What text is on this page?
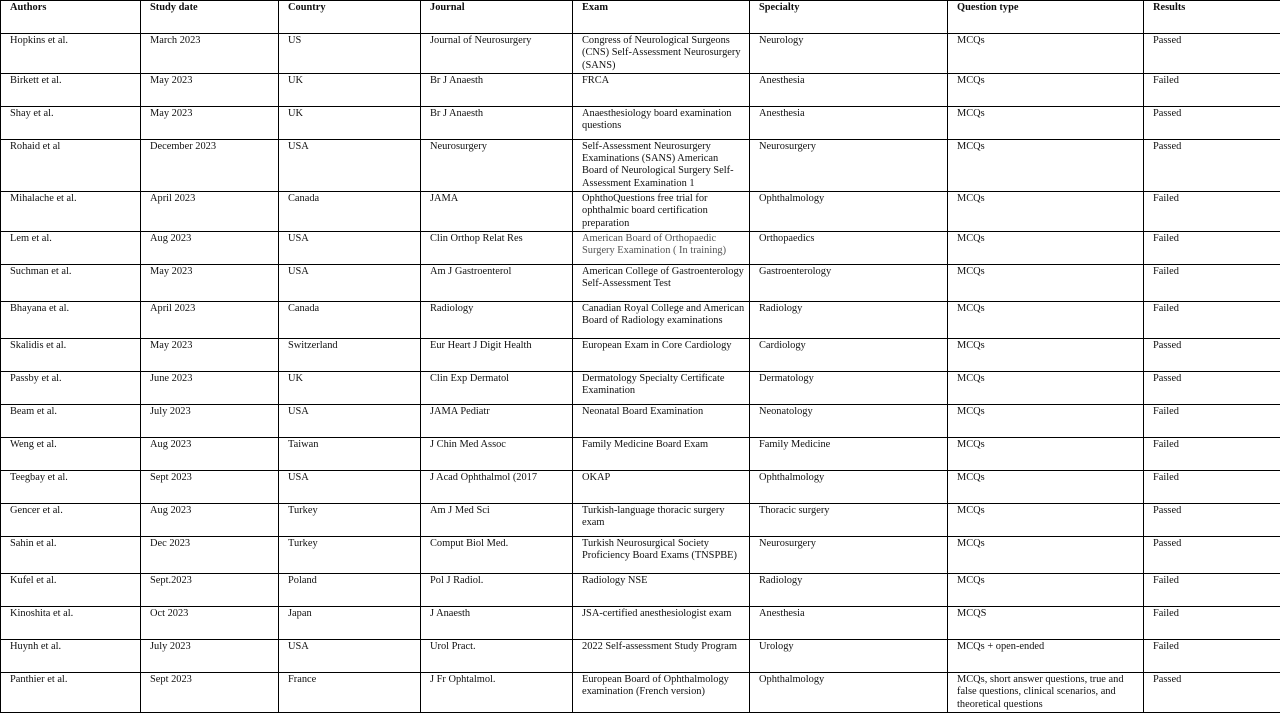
Authors	Study date	Country	Journal	Exam	Specialty	Question type	Results
Hopkins et al.	March 2023	US	Journal of Neurosurgery	Congress of Neurological Surgeons (CNS) Self-Assessment Neurosurgery (SANS)	Neurology	MCQs	Passed
Birkett et al.	May 2023	UK	Br J Anaesth	FRCA	Anesthesia	MCQs	Failed
Shay et al.	May 2023	UK	Br J Anaesth	Anaesthesiology board examination questions	Anesthesia	MCQs	Passed
Rohaid et al	December 2023	USA	Neurosurgery	Self-Assessment Neurosurgery Examinations (SANS) American Board of Neurological Surgery Self-Assessment Examination 1	Neurosurgery	MCQs	Passed
Mihalache et al.	April 2023	Canada	JAMA	OphthoQuestions free trial for ophthalmic board certification preparation	Ophthalmology	MCQs	Failed
Lem et al.	Aug 2023	USA	Clin Orthop Relat Res	American Board of Orthopaedic Surgery Examination ( In training)	Orthopaedics	MCQs	Failed
Suchman et al.	May 2023	USA	Am J Gastroenterol	American College of Gastroenterology Self-Assessment Test	Gastroenterology	MCQs	Failed
Bhayana et al.	April 2023	Canada	Radiology	Canadian Royal College and American Board of Radiology examinations	Radiology	MCQs	Failed
Skalidis et al.	May 2023	Switzerland	Eur Heart J Digit Health	European Exam in Core Cardiology	Cardiology	MCQs	Passed
Passby et al.	June 2023	UK	Clin Exp Dermatol	Dermatology Specialty Certificate Examination	Dermatology	MCQs	Passed
Beam et al.	July 2023	USA	JAMA Pediatr	Neonatal Board Examination	Neonatology	MCQs	Failed
Weng et al.	Aug 2023	Taiwan	J Chin Med Assoc	Family Medicine Board Exam	Family Medicine	MCQs	Failed
Teegbay et al.	Sept 2023	USA	J Acad Ophthalmol (2017	OKAP	Ophthalmology	MCQs	Failed
Gencer et al.	Aug 2023	Turkey	Am J Med Sci	Turkish-language thoracic surgery exam	Thoracic surgery	MCQs	Passed
Sahin et al.	Dec 2023	Turkey	Comput Biol Med.	Turkish Neurosurgical Society Proficiency Board Exams (TNSPBE)	Neurosurgery	MCQs	Passed
Kufel et al.	Sept.2023	Poland	Pol J Radiol.	Radiology NSE	Radiology	MCQs	Failed
Kinoshita et al.	Oct 2023	Japan	J Anaesth	JSA-certified anesthesiologist exam	Anesthesia	MCQS	Failed
Huynh et al.	July 2023	USA	Urol Pract.	2022 Self-assessment Study Program	Urology	MCQs + open-ended	Failed
Panthier et al.	Sept 2023	France	J Fr Ophtalmol.	European Board of Ophthalmology examination (French version)	Ophthalmology	MCQs, short answer questions, true and false questions, clinical scenarios, and theoretical questions	Passed
